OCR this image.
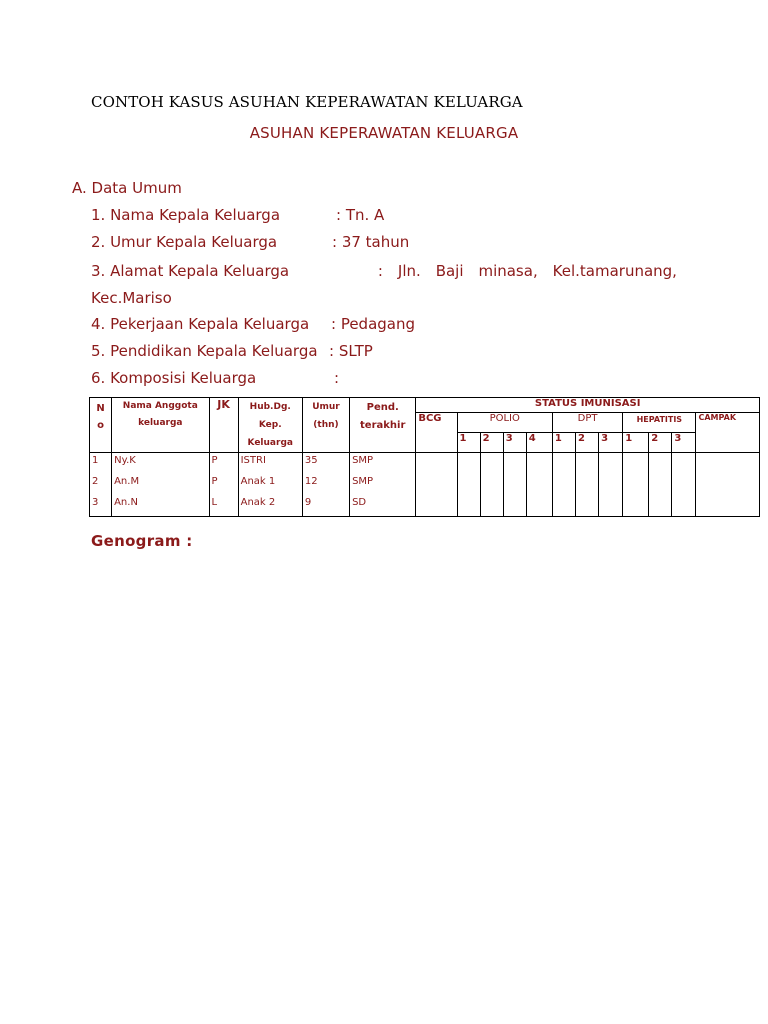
CONTOH KASUS ASUHAN KEPERAWATAN KELUARGA
ASUHAN KEPERAWATAN KELUARGA
A. Data Umum
1. Nama Kepala Keluarga	: Tn. A
2. Umur Kepala Keluarga	: 37 tahun
3. Alamat Kepala Keluarga	: Jln. Baji minasa, Kel.tamarunang,
Kec.Mariso
4. Pekerjaan Kepala Keluarga : Pedagang
5. Pendidikan Kepala Keluarga : SLTP
6. Komposisi Keluarga	:
N o	Nama Anggota keluarga	JK	Hub.Dg. Kep. Keluarga	Umur (thn)	Pend. terakhir	STATUS IMUNISASI											
						BCG	POLIO				DPT			HEPATITIS			CAMPAK
							1	2	3	4	1	2	3	1	2	3	
1	Ny.K	P	ISTRI	35	SMP												
2	An.M	P	Anak 1	12	SMP												
3	An.N	L	Anak 2	9	SD												
Genogram :
